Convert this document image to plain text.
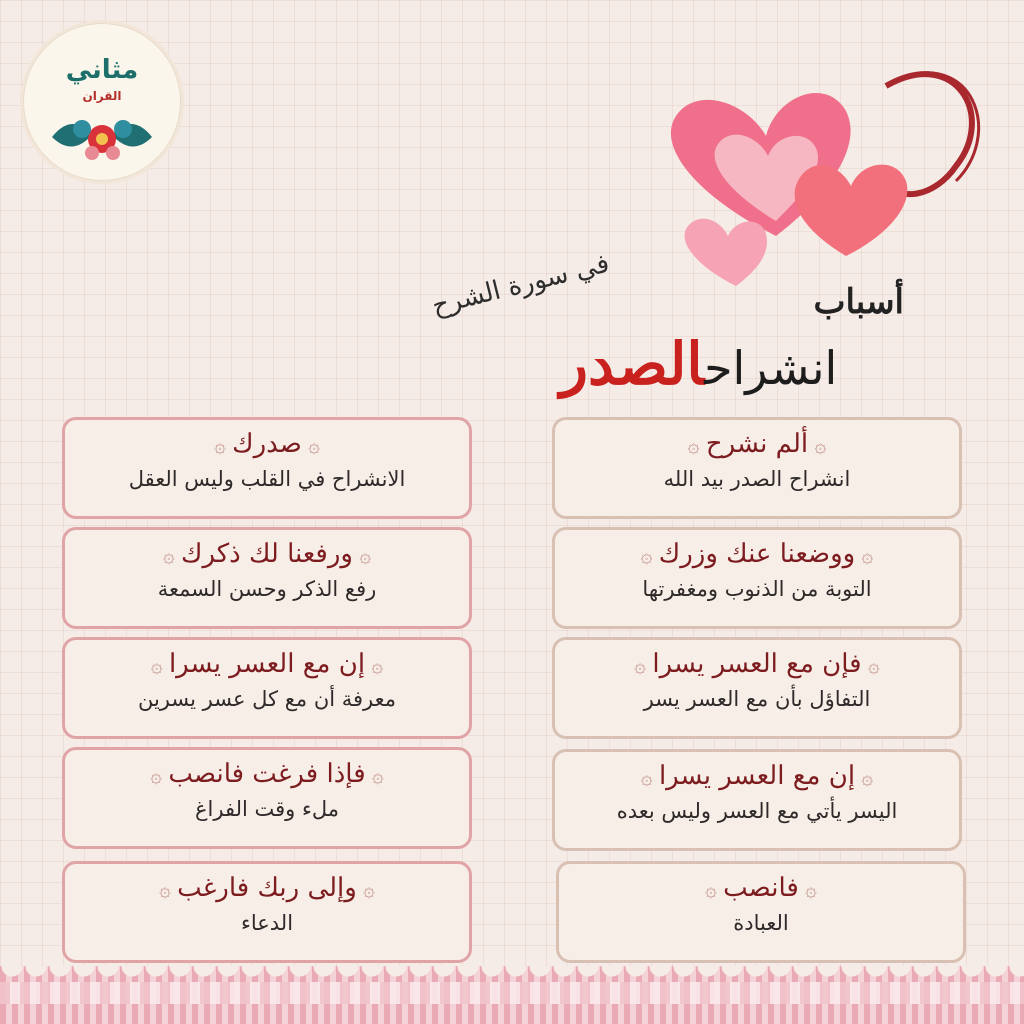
مثاني
القران
في سورة الشرح	أسباب
انشراحالصدر
۞ ألم نشرح ۞
انشراح الصدر بيد الله
۞ ووضعنا عنك وزرك ۞
التوبة من الذنوب ومغفرتها
۞ فإن مع العسر يسرا ۞
التفاؤل بأن مع العسر يسر
۞ إن مع العسر يسرا ۞
اليسر يأتي مع العسر وليس بعده
۞ فانصب ۞
العبادة
۞ صدرك ۞
الانشراح في القلب وليس العقل
۞ ورفعنا لك ذكرك ۞
رفع الذكر وحسن السمعة
۞ إن مع العسر يسرا ۞
معرفة أن مع كل عسر يسرين
۞ فإذا فرغت فانصب ۞
ملء وقت الفراغ
۞ وإلى ربك فارغب ۞
الدعاء
